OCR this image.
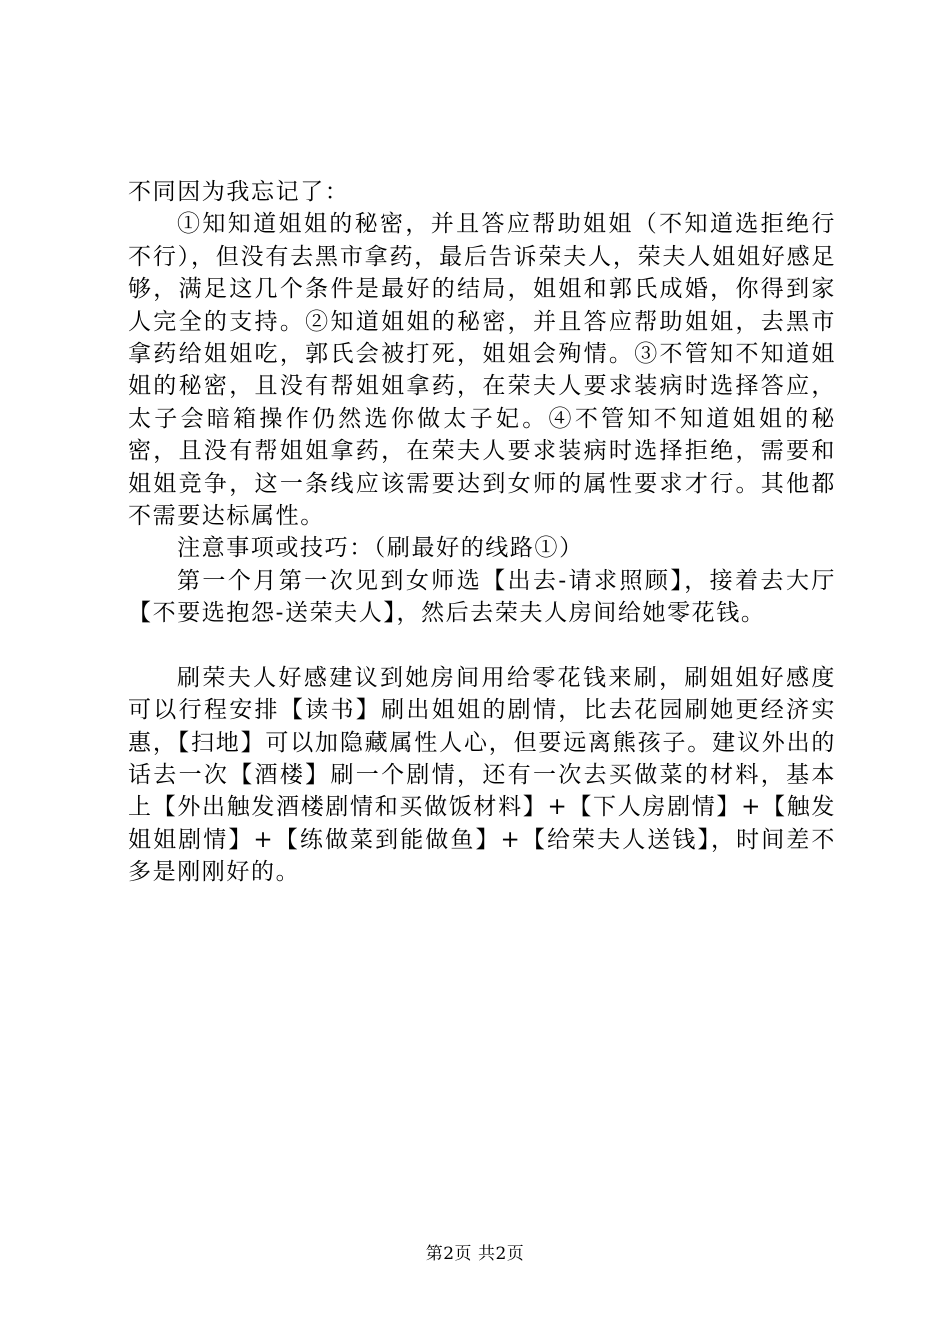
不同因为我忘记了：

①知知道姐姐的秘密，并且答应帮助姐姐（不知道选拒绝行不行），但没有去黑市拿药，最后告诉荣夫人，荣夫人姐姐好感足够，满足这几个条件是最好的结局，姐姐和郭氏成婚，你得到家人完全的支持。②知道姐姐的秘密，并且答应帮助姐姐，去黑市拿药给姐姐吃，郭氏会被打死，姐姐会殉情。③不管知不知道姐姐的秘密，且没有帮姐姐拿药，在荣夫人要求装病时选择答应，太子会暗箱操作仍然选你做太子妃。④不管知不知道姐姐的秘密，且没有帮姐姐拿药，在荣夫人要求装病时选择拒绝，需要和姐姐竞争，这一条线应该需要达到女师的属性要求才行。其他都不需要达标属性。

注意事项或技巧：（刷最好的线路①）

第一个月第一次见到女师选【出去-请求照顾】，接着去大厅【不要选抱怨-送荣夫人】，然后去荣夫人房间给她零花钱。

刷荣夫人好感建议到她房间用给零花钱来刷，刷姐姐好感度可以行程安排【读书】刷出姐姐的剧情，比去花园刷她更经济实惠，【扫地】可以加隐藏属性人心，但要远离熊孩子。建议外出的话去一次【酒楼】刷一个剧情，还有一次去买做菜的材料，基本上【外出触发酒楼剧情和买做饭材料】+【下人房剧情】+【触发姐姐剧情】+【练做菜到能做鱼】+【给荣夫人送钱】，时间差不多是刚刚好的。

第2页 共2页
